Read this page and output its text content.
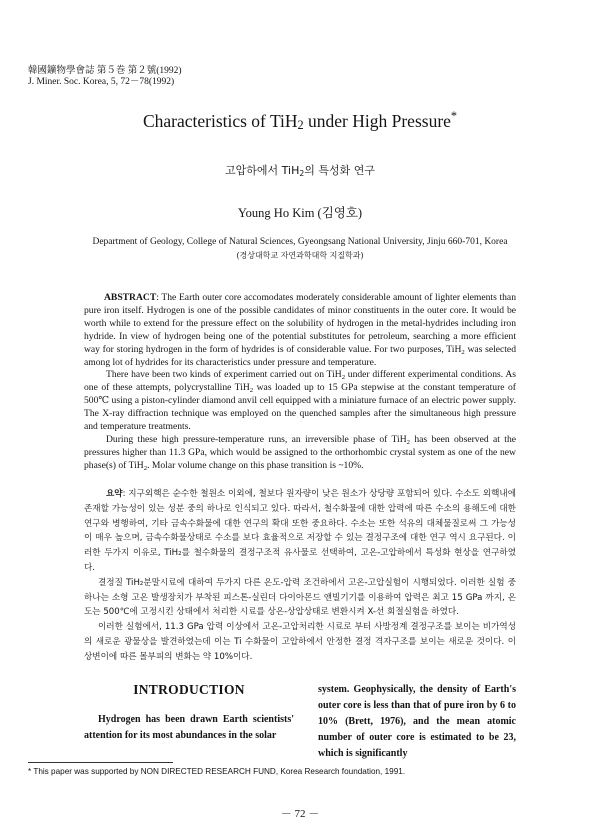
韓國鑛物學會誌 第５巻 第２號(1992)
J. Miner. Soc. Korea, 5, 72－78(1992)
Characteristics of TiH$_2$ under High Pressure*
고압하에서 TiH$_2$의 특성화 연구
Young Ho Kim (김영호)
Department of Geology, College of Natural Sciences, Gyeongsang National University, Jinju 660-701, Korea
(경상대학교 자연과학대학 지질학과)

ABSTRACT: The Earth outer core accomodates moderately considerable amount of lighter elements than pure iron itself. Hydrogen is one of the possible candidates of minor constituents in the outer core. It would be worth while to extend for the pressure effect on the solubility of hydrogen in the metal-hydrides including iron hydride. In view of hydrogen being one of the potential substitutes for petroleum, searching a more efficient way for storing hydrogen in the form of hydrides is of considerable value. For two purposes, TiH$_2$ was selected among lot of hydrides for its characteristics under pressure and temperature.

There have been two kinds of experiment carried out on TiH$_2$ under different experimental conditions. As one of these attempts, polycrystalline TiH$_2$ was loaded up to 15 GPa stepwise at the constant temperature of 500℃ using a piston-cylinder diamond anvil cell equipped with a miniature furnace of an electric power supply. The X-ray diffraction technique was employed on the quenched samples after the simultaneous high pressure and temperature treatments.

During these high pressure-temperature runs, an irreversible phase of TiH$_2$ has been observed at the pressures higher than 11.3 GPa, which would be assigned to the orthorhombic crystal system as one of the new phase(s) of TiH$_2$. Molar volume change on this phase transition is ~10%.

요약: 지구외핵은 순수한 철원소 이외에, 철보다 원자량이 낮은 원소가 상당량 포함되어 있다. 수소도 외핵내에 존재할 가능성이 있는 성분 중의 하나로 인식되고 있다. 따라서, 철수화물에 대한 압력에 따른 수소의 용해도에 대한 연구와 병행하여, 기타 금속수화물에 대한 연구의 확대 또한 중요하다. 수소는 또한 석유의 대체물질로써 그 가능성이 매우 높으며, 금속수화물상태로 수소를 보다 효율적으로 저장할 수 있는 결정구조에 대한 연구 역시 요구된다. 이러한 두가지 이유로, TiH₂를 철수화물의 결정구조적 유사물로 선택하여, 고온-고압하에서 특성화 현상을 연구하였다.

결정질 TiH₂분말시료에 대하여 두가지 다른 온도-압력 조건하에서 고온-고압실험이 시행되었다. 이러한 실험 중 하나는 소형 고온 발생장치가 부착된 피스톤-실린더 다이아몬드 앤빌기기를 이용하여 압력은 최고 15 GPa 까지, 온도는 500℃에 고정시킨 상태에서 처리한 시료를 상온-상압상태로 변환시켜 X-선 회절실험을 하였다.

이러한 실험에서, 11.3 GPa 압력 이상에서 고온-고압처리한 시료로 부터 사방정계 결정구조를 보이는 비가역성의 새로운 광물상을 발견하였는데 이는 Ti 수화물이 고압하에서 안정한 결정 격자구조를 보이는 새로운 것이다. 이 상변이에 따른 몰부피의 변화는 약 10%이다.

INTRODUCTION

Hydrogen has been drawn Earth scientists' attention for its most abundances in the solar

system. Geophysically, the density of Earth's outer core is less than that of pure iron by 6 to 10% (Brett, 1976), and the mean atomic number of outer core is estimated to be 23, which is significantly
* This paper was supported by NON DIRECTED RESEARCH FUND, Korea Research foundation, 1991.
－ 72 －
